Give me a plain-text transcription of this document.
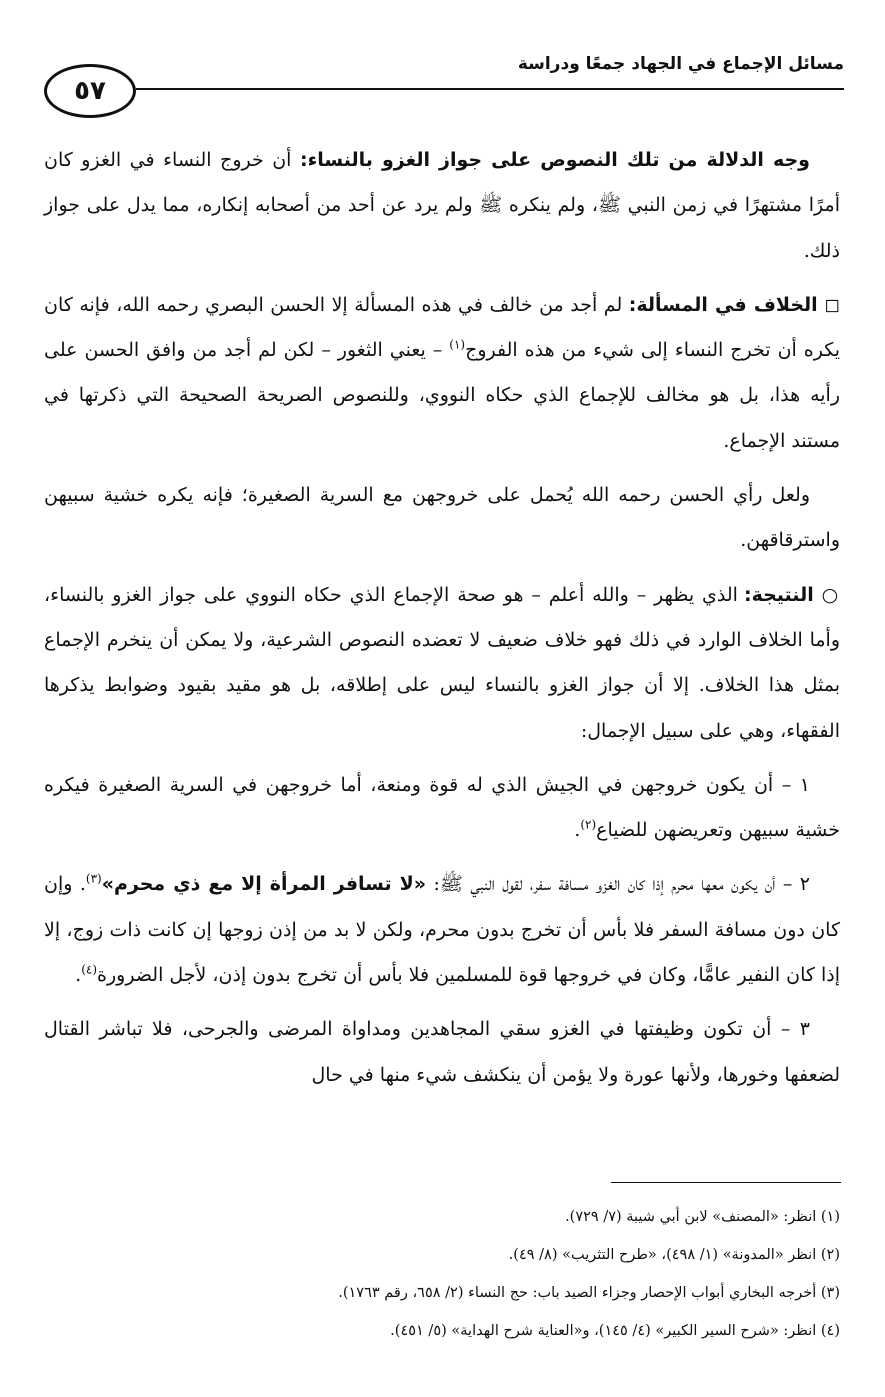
٥٧
مسائل الإجماع في الجهاد جمعًا ودراسة

وجه الدلالة من تلك النصوص على جواز الغزو بالنساء: أن خروج النساء في الغزو كان أمرًا مشتهرًا في زمن النبي ﷺ، ولم ينكره ﷺ ولم يرد عن أحد من أصحابه إنكاره، مما يدل على جواز ذلك.

◻ الخلاف في المسألة: لم أجد من خالف في هذه المسألة إلا الحسن البصري رحمه الله، فإنه كان يكره أن تخرج النساء إلى شيء من هذه الفروج$^{(١)}$ – يعني الثغور – لكن لم أجد من وافق الحسن على رأيه هذا، بل هو مخالف للإجماع الذي حكاه النووي، وللنصوص الصريحة الصحيحة التي ذكرتها في مستند الإجماع.

ولعل رأي الحسن رحمه الله يُحمل على خروجهن مع السرية الصغيرة؛ فإنه يكره خشية سبيهن واسترقاقهن.

○ النتيجة: الذي يظهر – والله أعلم – هو صحة الإجماع الذي حكاه النووي على جواز الغزو بالنساء، وأما الخلاف الوارد في ذلك فهو خلاف ضعيف لا تعضده النصوص الشرعية، ولا يمكن أن ينخرم الإجماع بمثل هذا الخلاف. إلا أن جواز الغزو بالنساء ليس على إطلاقه، بل هو مقيد بقيود وضوابط يذكرها الفقهاء، وهي على سبيل الإجمال:

١ – أن يكون خروجهن في الجيش الذي له قوة ومنعة، أما خروجهن في السرية الصغيرة فيكره خشية سبيهن وتعريضهن للضياع$^{(٢)}$.

٢ – أن يكون معها محرم إذا كان الغزو مسافة سفر، لقول النبي ﷺ: «لا تسافر المرأة إلا مع ذي محرم»$^{(٣)}$. وإن كان دون مسافة السفر فلا بأس أن تخرج بدون محرم، ولكن لا بد من إذن زوجها إن كانت ذات زوج، إلا إذا كان النفير عامًّا، وكان في خروجها قوة للمسلمين فلا بأس أن تخرج بدون إذن، لأجل الضرورة$^{(٤)}$.

٣ – أن تكون وظيفتها في الغزو سقي المجاهدين ومداواة المرضى والجرحى، فلا تباشر القتال لضعفها وخورها، ولأنها عورة ولا يؤمن أن ينكشف شيء منها في حال

(١) انظر: «المصنف» لابن أبي شيبة (٧/ ٧٢٩).
(٢) انظر «المدونة» (١/ ٤٩٨)، «طرح التثريب» (٨/ ٤٩).
(٣) أخرجه البخاري أبواب الإحصار وجزاء الصيد باب: حج النساء (٢/ ٦٥٨، رقم ١٧٦٣).
(٤) انظر: «شرح السير الكبير» (٤/ ١٤٥)، و«العناية شرح الهداية» (٥/ ٤٥١).
